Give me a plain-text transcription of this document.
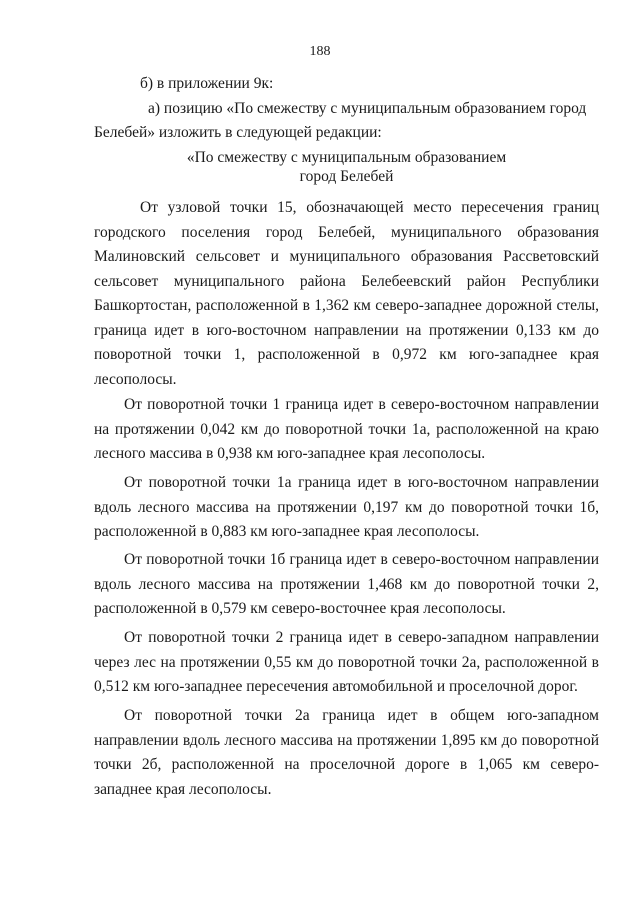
188

б) в приложении 9к:

а) позицию «По смежеству с муниципальным образованием город

Белебей» изложить в следующей редакции:

«По смежеству с муниципальным образованием

город Белебей

От узловой точки 15, обозначающей место пересечения границ

городского поселения город Белебей, муниципального образования Малиновский сельсовет и муниципального образования Рассветовский сельсовет муниципального района Белебеевский район Республики Башкортостан, расположенной в 1,362 км северо-западнее дорожной стелы, граница идет в юго-восточном направлении на протяжении 0,133 км до поворотной точки 1, расположенной в 0,972 км юго-западнее края лесополосы.

От поворотной точки 1 граница идет в северо-восточном направлении

на протяжении 0,042 км до поворотной точки 1а, расположенной на краю лесного массива в 0,938 км юго-западнее края лесополосы.

От поворотной точки 1а граница идет в юго-восточном направлении

вдоль лесного массива на протяжении 0,197 км до поворотной точки 1б, расположенной в 0,883 км юго-западнее края лесополосы.

От поворотной точки 1б граница идет в северо-восточном направлении

вдоль лесного массива на протяжении 1,468 км до поворотной точки 2, расположенной в 0,579 км северо-восточнее края лесополосы.

От поворотной точки 2 граница идет в северо-западном направлении

через лес на протяжении 0,55 км до поворотной точки 2а, расположенной в 0,512 км юго-западнее пересечения автомобильной и проселочной дорог.

От поворотной точки 2а граница идет в общем юго-западном

направлении вдоль лесного массива на протяжении 1,895 км до поворотной точки 2б, расположенной на проселочной дороге в 1,065 км северо-западнее края лесополосы.
